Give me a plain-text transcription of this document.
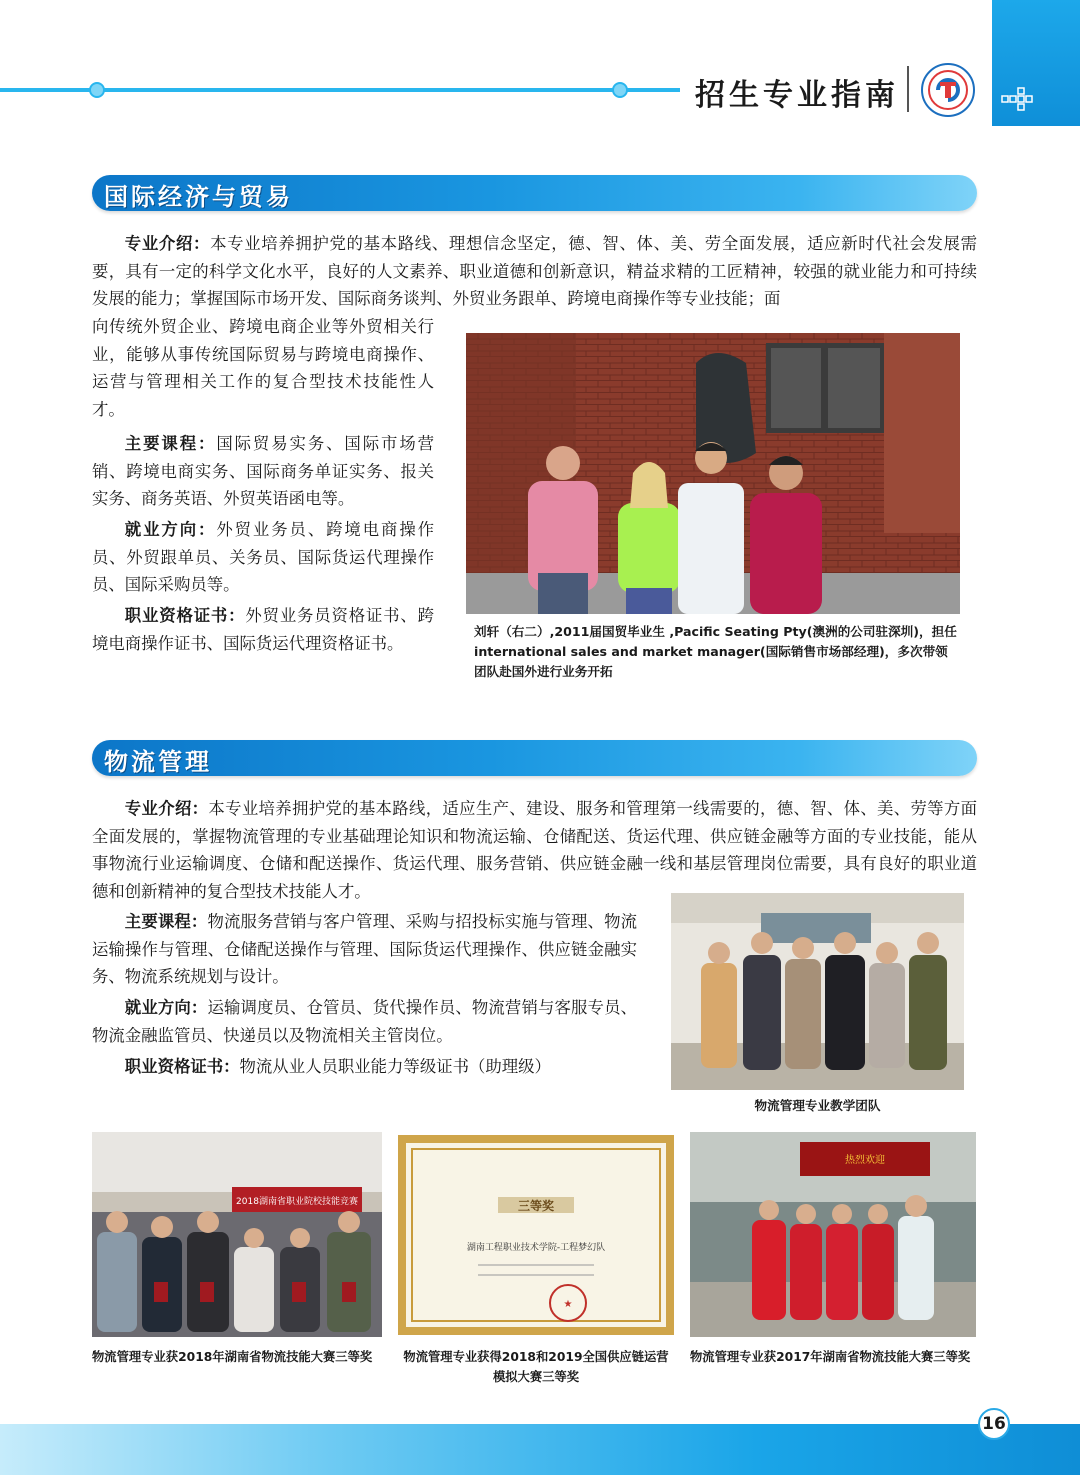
招生专业指南
国际经济与贸易
专业介绍：本专业培养拥护党的基本路线、理想信念坚定，德、智、体、美、劳全面发展，适应新时代社会发展需要，具有一定的科学文化水平，良好的人文素养、职业道德和创新意识，精益求精的工匠精神，较强的就业能力和可持续发展的能力；掌握国际市场开发、国际商务谈判、外贸业务跟单、跨境电商操作等专业技能；面
向传统外贸企业、跨境电商企业等外贸相关行业，能够从事传统国际贸易与跨境电商操作、运营与管理相关工作的复合型技术技能性人才。
主要课程：国际贸易实务、国际市场营销、跨境电商实务、国际商务单证实务、报关实务、商务英语、外贸英语函电等。
就业方向：外贸业务员、跨境电商操作员、外贸跟单员、关务员、国际货运代理操作员、国际采购员等。
职业资格证书：外贸业务员资格证书、跨境电商操作证书、国际货运代理资格证书。
刘轩（右二）,2011届国贸毕业生 ,Pacific Seating Pty(澳洲的公司驻深圳)，担任international sales and market manager(国际销售市场部经理)，多次带领团队赴国外进行业务开拓
物流管理
专业介绍：本专业培养拥护党的基本路线，适应生产、建设、服务和管理第一线需要的，德、智、体、美、劳等方面全面发展的，掌握物流管理的专业基础理论知识和物流运输、仓储配送、货运代理、供应链金融等方面的专业技能，能从事物流行业运输调度、仓储和配送操作、货运代理、服务营销、供应链金融一线和基层管理岗位需要，具有良好的职业道德和创新精神的复合型技术技能人才。
主要课程：物流服务营销与客户管理、采购与招投标实施与管理、物流运输操作与管理、仓储配送操作与管理、国际货运代理操作、供应链金融实务、物流系统规划与设计。
就业方向：运输调度员、仓管员、货代操作员、物流营销与客服专员、物流金融监管员、快递员以及物流相关主管岗位。
职业资格证书：物流从业人员职业能力等级证书（助理级）
物流管理专业教学团队
2018湖南省职业院校技能竞赛	三等奖
湖南工程职业技术学院-工程梦幻队
★
热烈欢迎
物流管理专业获2018年湖南省物流技能大赛三等奖	物流管理专业获得2018和2019全国供应链运营模拟大赛三等奖
物流管理专业获2017年湖南省物流技能大赛三等奖
16
